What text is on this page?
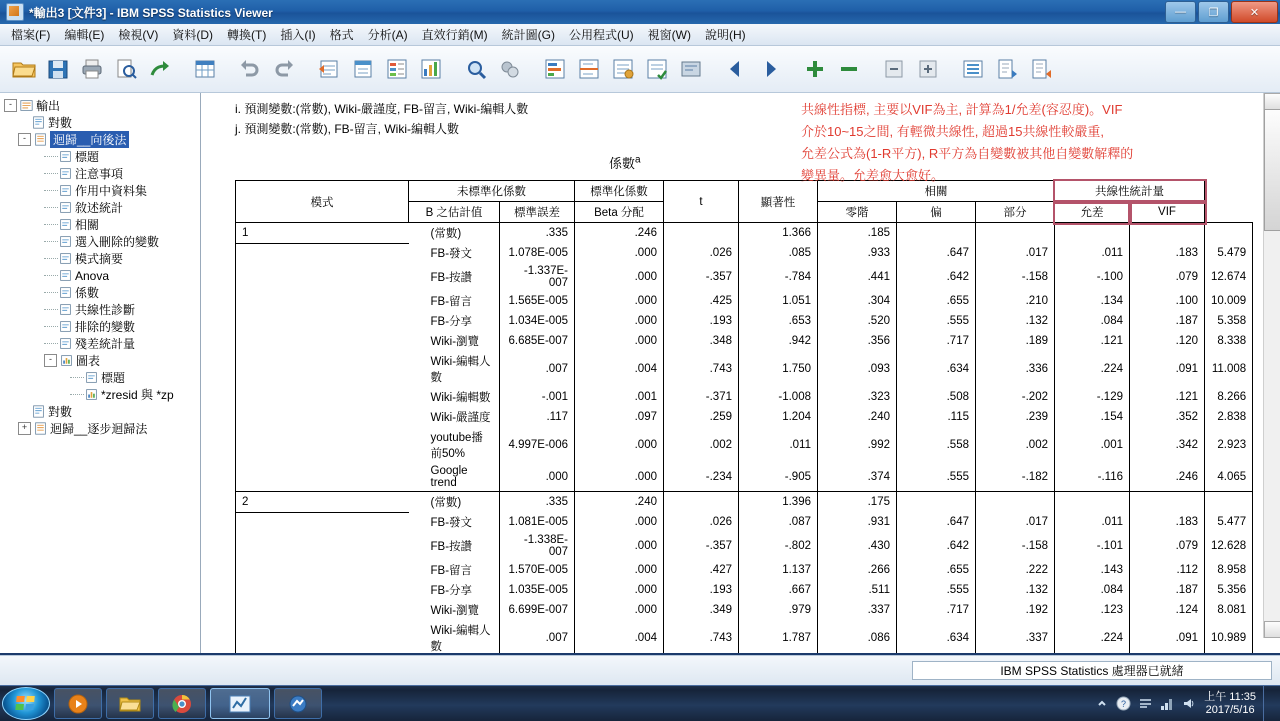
*輸出3 [文件3] - IBM SPSS Statistics Viewer	—	❐	✕
檔案(F)	編輯(E)	檢視(V)	資料(D)	轉換(T)	插入(I)	格式	分析(A)	直效行銷(M)	統計圖(G)	公用程式(U)	視窗(W)	說明(H)
-	輸出
對數
-	迴歸__向後法
標題
注意事項
作用中資料集
敘述統計
相關
選入刪除的變數
模式摘要
Anova
係數
共線性診斷
排除的變數
殘差統計量
-	圖表
標題
*zresid 與 *zp
對數
+	迴歸__逐步迴歸法
i. 預測變數:(常數), Wiki-嚴謹度, FB-留言, Wiki-編輯人數
j. 預測變數:(常數), FB-留言, Wiki-編輯人數
共線性指標, 主要以VIF為主, 計算為1/允差(容忍度)。VIF
介於10~15之間, 有輕微共線性, 超過15共線性較嚴重,
允差公式為(1-R平方), R平方為自變數被其他自變數解釋的
變異量。允差愈大愈好。
係數$^a$
模式	未標準化係數		標準化係數	t	顯著性	相關			共線性統計量		
	B 之估計值	標準誤差	Beta 分配			零階	偏	部分	允差	VIF	
1	(常數)	.335	.246		1.366	.185					
	FB-發文	1.078E-005	.000	.026	.085	.933	.647	.017	.011	.183	5.479
	FB-按讚	-1.337E-007	.000	-.357	-.784	.441	.642	-.158	-.100	.079	12.674
	FB-留言	1.565E-005	.000	.425	1.051	.304	.655	.210	.134	.100	10.009
	FB-分享	1.034E-005	.000	.193	.653	.520	.555	.132	.084	.187	5.358
	Wiki-瀏覽	6.685E-007	.000	.348	.942	.356	.717	.189	.121	.120	8.338
	Wiki-編輯人數	.007	.004	.743	1.750	.093	.634	.336	.224	.091	11.008
	Wiki-編輯數	-.001	.001	-.371	-1.008	.323	.508	-.202	-.129	.121	8.266
	Wiki-嚴謹度	.117	.097	.259	1.204	.240	.115	.239	.154	.352	2.838
	youtube播前50%	4.997E-006	.000	.002	.011	.992	.558	.002	.001	.342	2.923
	Google trend	.000	.000	-.234	-.905	.374	.555	-.182	-.116	.246	4.065
2	(常數)	.335	.240		1.396	.175					
	FB-發文	1.081E-005	.000	.026	.087	.931	.647	.017	.011	.183	5.477
	FB-按讚	-1.338E-007	.000	-.357	-.802	.430	.642	-.158	-.101	.079	12.628
	FB-留言	1.570E-005	.000	.427	1.137	.266	.655	.222	.143	.112	8.958
	FB-分享	1.035E-005	.000	.193	.667	.511	.555	.132	.084	.187	5.356
	Wiki-瀏覽	6.699E-007	.000	.349	.979	.337	.717	.192	.123	.124	8.081
	Wiki-編輯人數	.007	.004	.743	1.787	.086	.634	.337	.224	.091	10.989
IBM SPSS Statistics 處理器已就緒
?
上午 11:35
2017/5/16
